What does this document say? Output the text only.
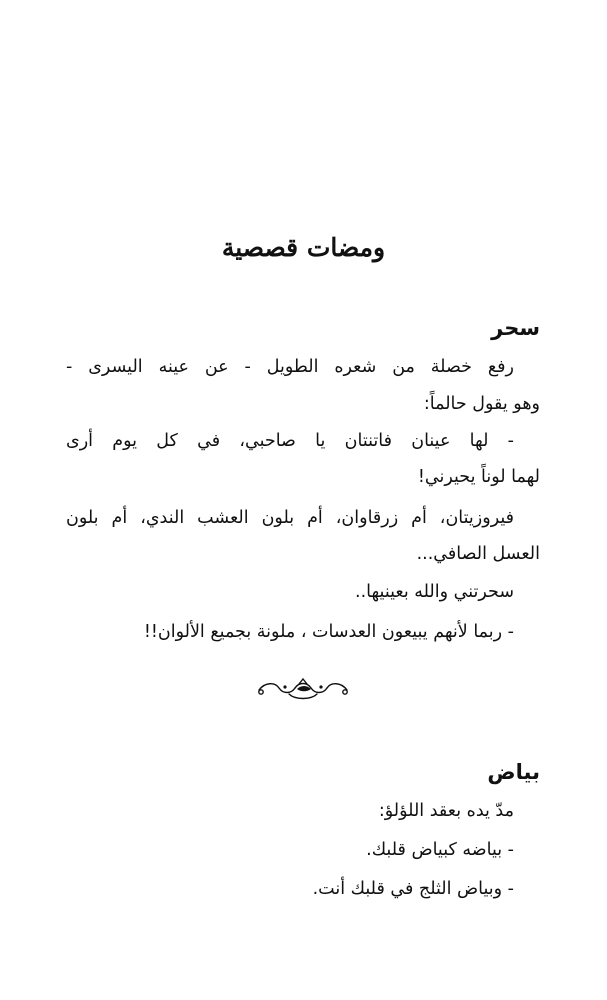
ومضات قصصية
سحر
رفع خصلة من شعره الطويل - عن عينه اليسرى -
وهو يقول حالماً:
- لها عينان فاتنتان يا صاحبي، في كل يوم أرى
لهما لوناً يحيرني!
فيروزيتان، أم زرقاوان، أم بلون العشب الندي، أم بلون
العسل الصافي...
سحرتني والله بعينيها..
- ربما لأنهم يبيعون العدسات ، ملونة بجميع الألوان!!
بياض
مدّ يده بعقد اللؤلؤ:
- بياضه كبياض قلبك.
- وبياض الثلج في قلبك أنت.
